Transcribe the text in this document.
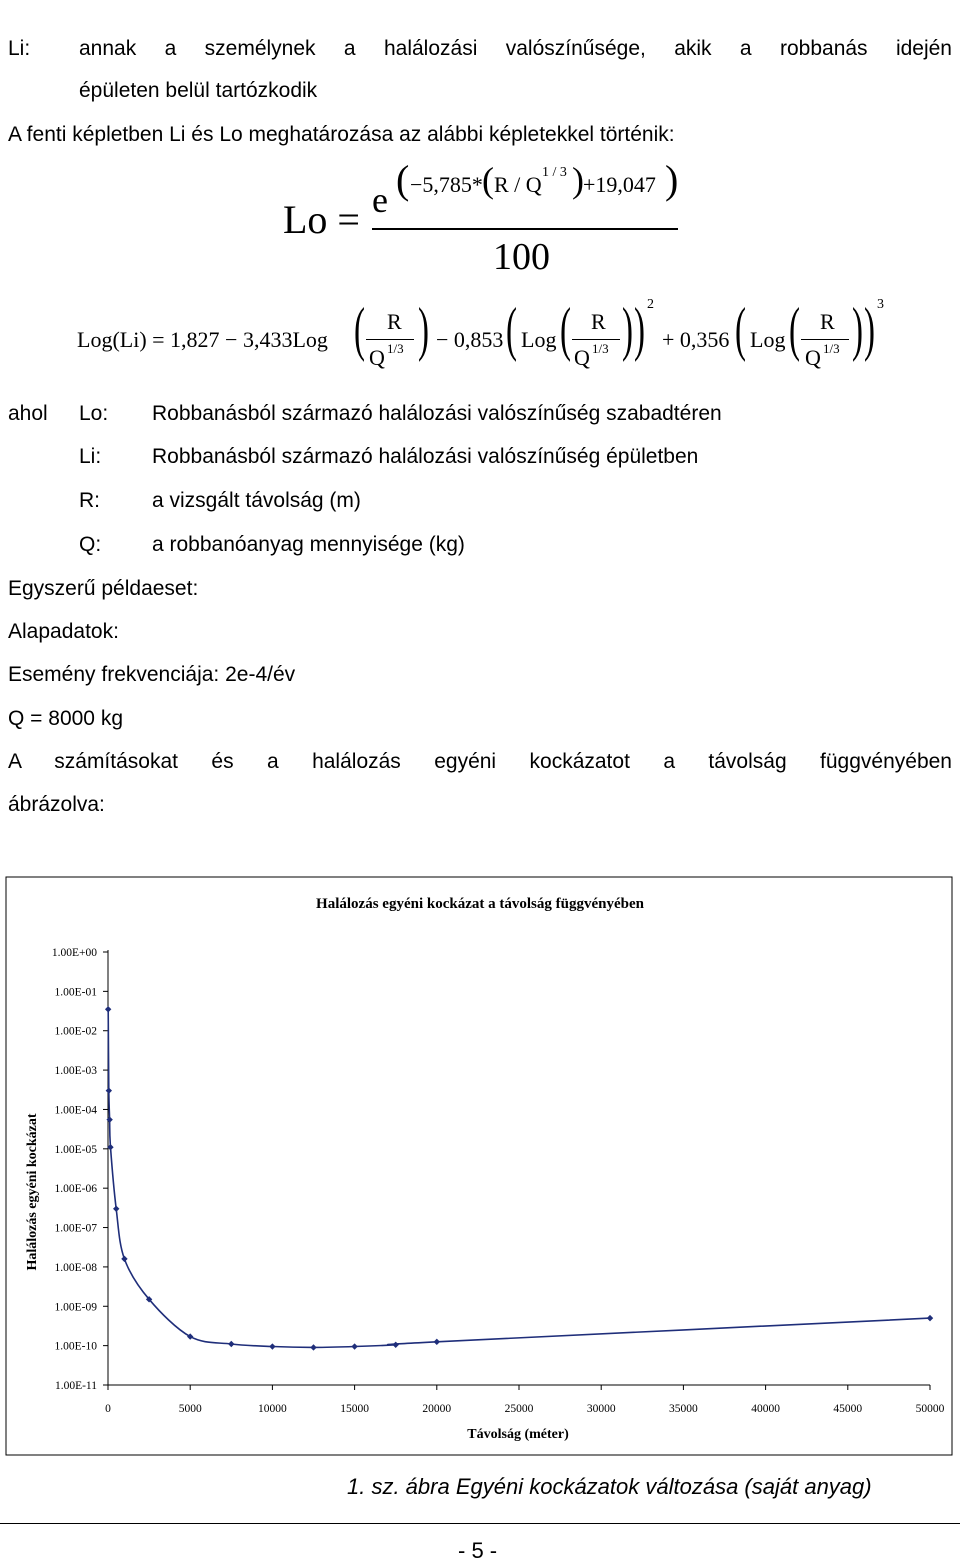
Li: annak a személynek a halálozási valószínűsége, akik a robbanás idején
épületen belül tartózkodik
A fenti képletben Li és Lo meghatározása az alábbi képletekkel történik:
Lo = e ( −5,785* ( R / Q 1 / 3 ) +19,047 )
100
Log(Li) = 1,827 − 3,433Log ( R
Q 1/3 ) − 0,853 ( Log ( R
Q 1/3 ) ) 2
+ 0,356 ( Log ( R
Q 1/3 ) ) 3
ahol Lo: Robbanásból származó halálozási valószínűség szabadtéren
Li: Robbanásból származó halálozási valószínűség épületben
R: a vizsgált távolság (m)
Q: a robbanóanyag mennyisége (kg)
Egyszerű példaeset:
Alapadatok:
Esemény frekvenciája: 2e-4/év
Q = 8000 kg
A számításokat és a halálozás egyéni kockázatot a távolság függvényében
ábrázolva:
Halálozás egyéni kockázat a távolság függvényében
Halálozás egyéni kockázat
Távolság (méter)
1.00E+00
1.00E-01
1.00E-02
1.00E-03
1.00E-04
1.00E-05
1.00E-06
1.00E-07
1.00E-08
1.00E-09
1.00E-10
1.00E-11
0	5000	10000	15000	20000	25000	30000	35000	40000	45000	50000
1. sz. ábra Egyéni kockázatok változása (saját anyag)
- 5 -
